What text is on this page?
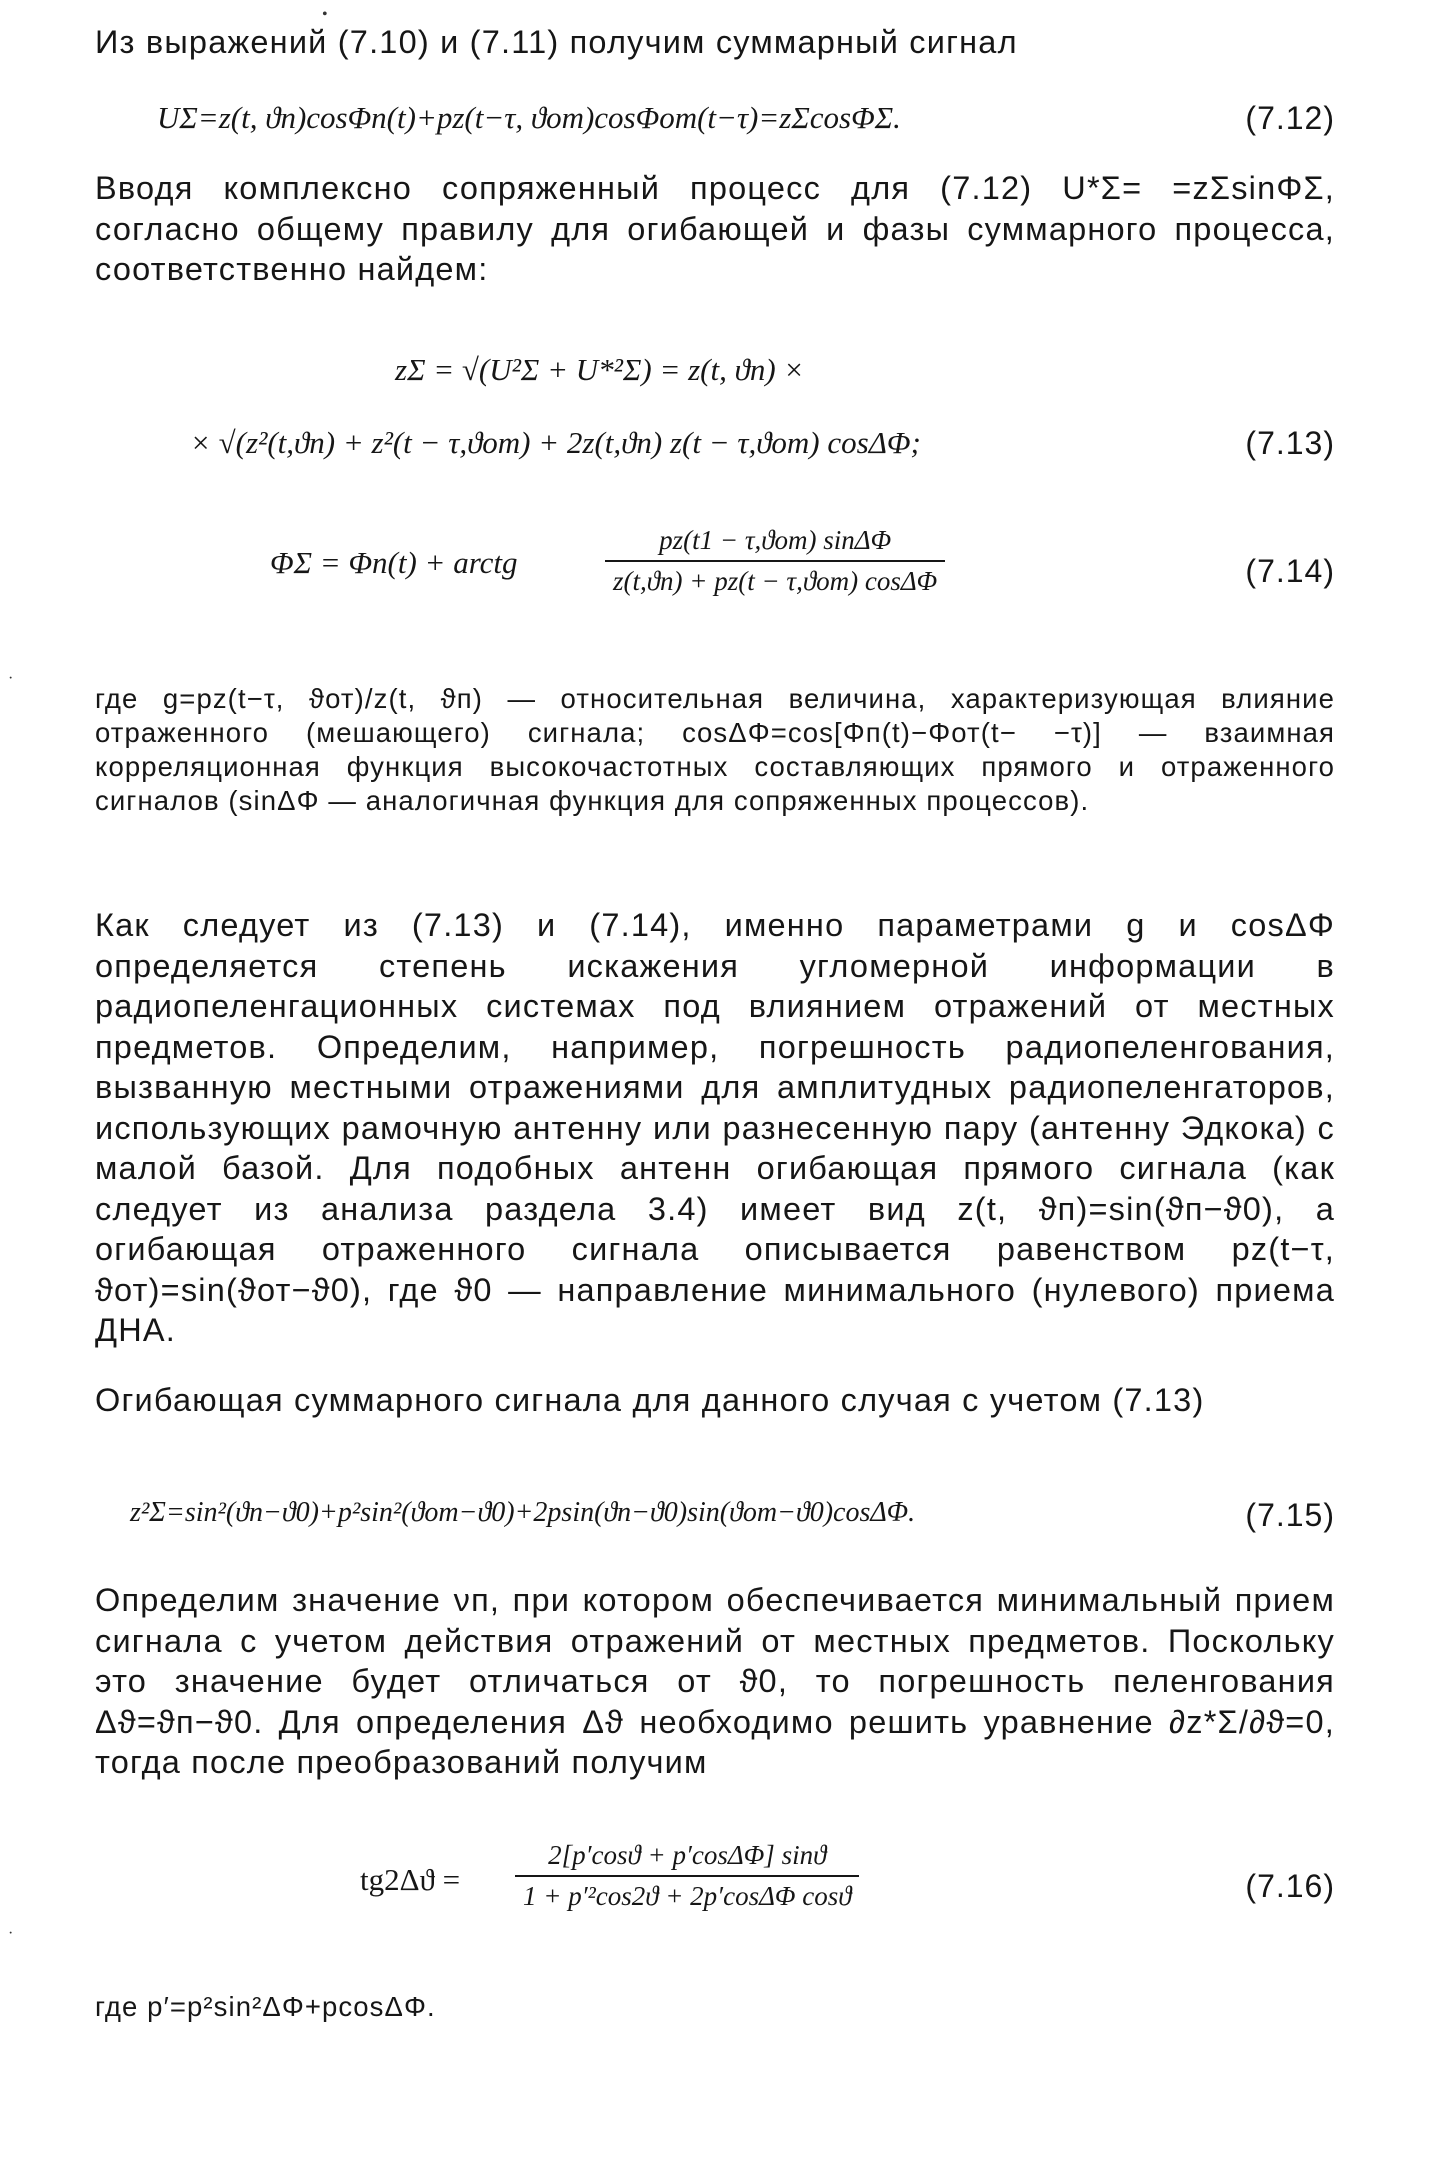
•
Из выражений (7.10) и (7.11) получим суммарный сигнал
UΣ=z(t, ϑп)cosΦп(t)+pz(t−τ, ϑот)cosΦот(t−τ)=zΣcosΦΣ.	(7.12)
Вводя комплексно сопряженный процесс для (7.12) U*Σ= =zΣsinΦΣ, согласно общему правилу для огибающей и фазы суммарного процесса, соответственно найдем:
zΣ = √(U²Σ + U*²Σ) = z(t, ϑп) ×
× √(z²(t,ϑп) + z²(t − τ,ϑот) + 2z(t,ϑп) z(t − τ,ϑот) cosΔΦ;	(7.13)
ΦΣ = Φп(t) + arctg
pz(t1 − τ,ϑот) sinΔΦ
z(t,ϑп) + pz(t − τ,ϑот) cosΔΦ	(7.14)
где g=pz(t−τ, ϑот)/z(t, ϑп) — относительная величина, характеризующая влияние отраженного (мешающего) сигнала; cosΔΦ=cos[Φп(t)−Φот(t− −τ)] — взаимная корреляционная функция высокочастотных составляющих прямого и отраженного сигналов (sinΔΦ — аналогичная функция для сопряженных процессов).
Как следует из (7.13) и (7.14), именно параметрами g и cosΔΦ определяется степень искажения угломерной информации в радиопеленгационных системах под влиянием отражений от местных предметов. Определим, например, погрешность радиопеленгования, вызванную местными отражениями для амплитудных радиопеленгаторов, использующих рамочную антенну или разнесенную пару (антенну Эдкока) с малой базой. Для подобных антенн огибающая прямого сигнала (как следует из анализа раздела 3.4) имеет вид z(t, ϑп)=sin(ϑп−ϑ0), а огибающая отраженного сигнала описывается равенством pz(t−τ, ϑот)=sin(ϑот−ϑ0), где ϑ0 — направление минимального (нулевого) приема ДНА.
Огибающая суммарного сигнала для данного случая с учетом (7.13)
z²Σ=sin²(ϑп−ϑ0)+p²sin²(ϑот−ϑ0)+2psin(ϑп−ϑ0)sin(ϑот−ϑ0)cosΔΦ.	(7.15)
Определим значение νп, при котором обеспечивается минимальный прием сигнала с учетом действия отражений от местных предметов. Поскольку это значение будет отличаться от ϑ0, то погрешность пеленгования Δϑ=ϑп−ϑ0. Для определения Δϑ необходимо решить уравнение ∂z*Σ/∂ϑ=0, тогда после преобразований получим
$tg2\Delta ϑ = \frac{2[p'\cos ϑ + p'\cos\Delta\Phi] \sin ϑ}{\text{1 + p′²cos2ϑ + 2p′cosΔΦ cosϑ}}$	(7.16)
где p′=p²sin²ΔΦ+pcosΔΦ.
·
·
